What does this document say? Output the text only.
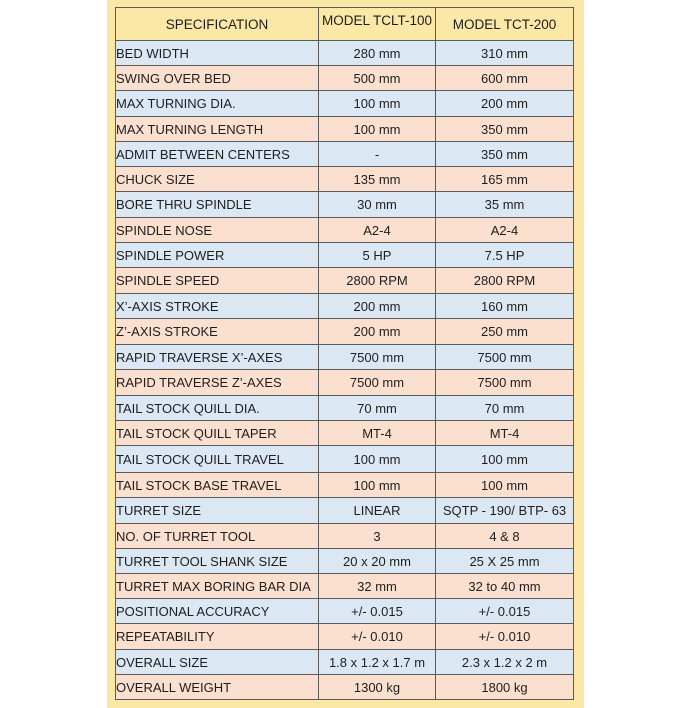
SPECIFICATION	MODEL TCLT-100	MODEL TCT-200
BED WIDTH	280 mm	310 mm
SWING OVER BED	500 mm	600 mm
MAX TURNING DIA.	100 mm	200 mm
MAX TURNING LENGTH	100 mm	350 mm
ADMIT BETWEEN CENTERS	-	350 mm
CHUCK SIZE	135 mm	165 mm
BORE THRU SPINDLE	30 mm	35 mm
SPINDLE NOSE	A2-4	A2-4
SPINDLE POWER	5 HP	7.5 HP
SPINDLE SPEED	2800 RPM	2800 RPM
X’-AXIS STROKE	200 mm	160 mm
Z’-AXIS STROKE	200 mm	250 mm
RAPID TRAVERSE X’-AXES	7500 mm	7500 mm
RAPID TRAVERSE Z’-AXES	7500 mm	7500 mm
TAIL STOCK QUILL DIA.	70 mm	70 mm
TAIL STOCK QUILL TAPER	MT-4	MT-4
TAIL STOCK QUILL TRAVEL	100 mm	100 mm
TAIL STOCK BASE TRAVEL	100 mm	100 mm
TURRET SIZE	LINEAR	SQTP - 190/ BTP- 63
NO. OF TURRET TOOL	3	4 & 8
TURRET TOOL SHANK SIZE	20 x 20 mm	25 X 25 mm
TURRET MAX BORING BAR DIA	32 mm	32 to 40 mm
POSITIONAL ACCURACY	+/- 0.015	+/- 0.015
REPEATABILITY	+/- 0.010	+/- 0.010
OVERALL SIZE	1.8 x 1.2 x 1.7 m	2.3 x 1.2 x 2 m
OVERALL WEIGHT	1300 kg	1800 kg
